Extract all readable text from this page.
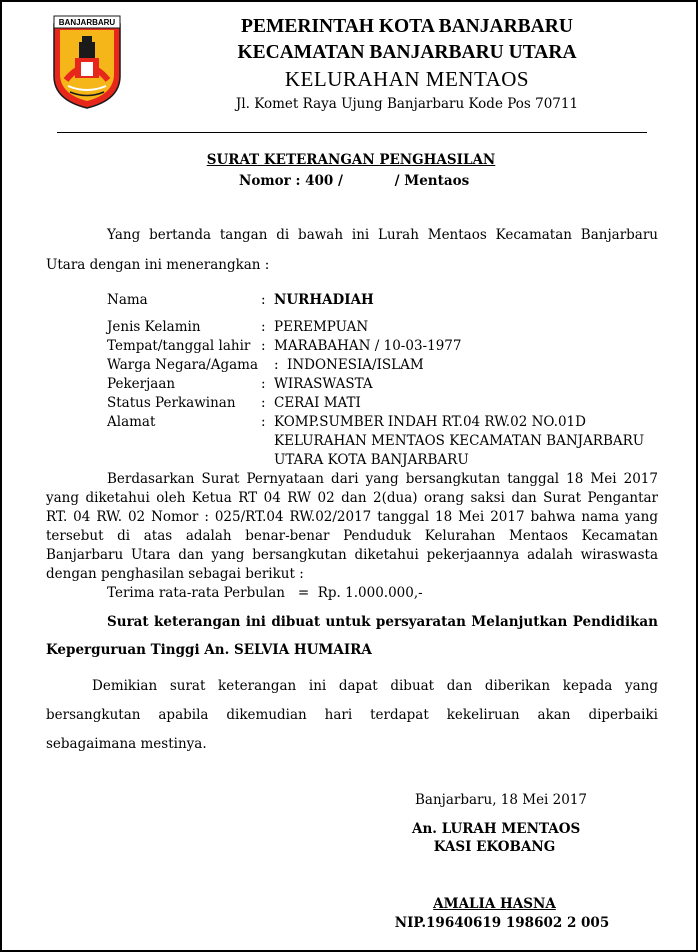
BANJARBARU	PEMERINTAH KOTA BANJARBARU
KECAMATAN BANJARBARU UTARA
KELURAHAN MENTAOS
Jl. Komet Raya Ujung Banjarbaru Kode Pos 70711
SURAT KETERANGAN PENGHASILAN
Nomor : 400 /           / Mentaos
Yang bertanda tangan di bawah ini Lurah Mentaos Kecamatan Banjarbaru
Utara dengan ini menerangkan :
Nama	: NURHADIAH
Jenis Kelamin	: PEREMPUAN
Tempat/tanggal lahir : MARABAHAN / 10-03-1977
Warga Negara/Agama : INDONESIA/ISLAM
Pekerjaan	: WIRASWASTA
Status Perkawinan : CERAI MATI
Alamat	: KOMP.SUMBER INDAH RT.04 RW.02 NO.01D
KELURAHAN MENTAOS KECAMATAN BANJARBARU
UTARA KOTA BANJARBARU
Berdasarkan Surat Pernyataan dari yang bersangkutan tanggal 18 Mei 2017
yang diketahui oleh Ketua RT 04 RW 02 dan 2(dua) orang saksi dan Surat Pengantar
RT. 04 RW. 02 Nomor : 025/RT.04 RW.02/2017 tanggal 18 Mei 2017 bahwa nama yang
tersebut di atas adalah benar-benar Penduduk Kelurahan Mentaos Kecamatan
Banjarbaru Utara dan yang bersangkutan diketahui pekerjaannya adalah wiraswasta
dengan penghasilan sebagai berikut :
Terima rata-rata Perbulan   =  Rp. 1.000.000,-
Surat keterangan ini dibuat untuk persyaratan Melanjutkan Pendidikan
Keperguruan Tinggi An. SELVIA HUMAIRA
Demikian surat keterangan ini dapat dibuat dan diberikan kepada yang
bersangkutan apabila dikemudian hari terdapat kekeliruan akan diperbaiki
sebagaimana mestinya.
Banjarbaru, 18 Mei 2017
An. LURAH MENTAOS
KASI EKOBANG
AMALIA HASNA
NIP.19640619 198602 2 005
